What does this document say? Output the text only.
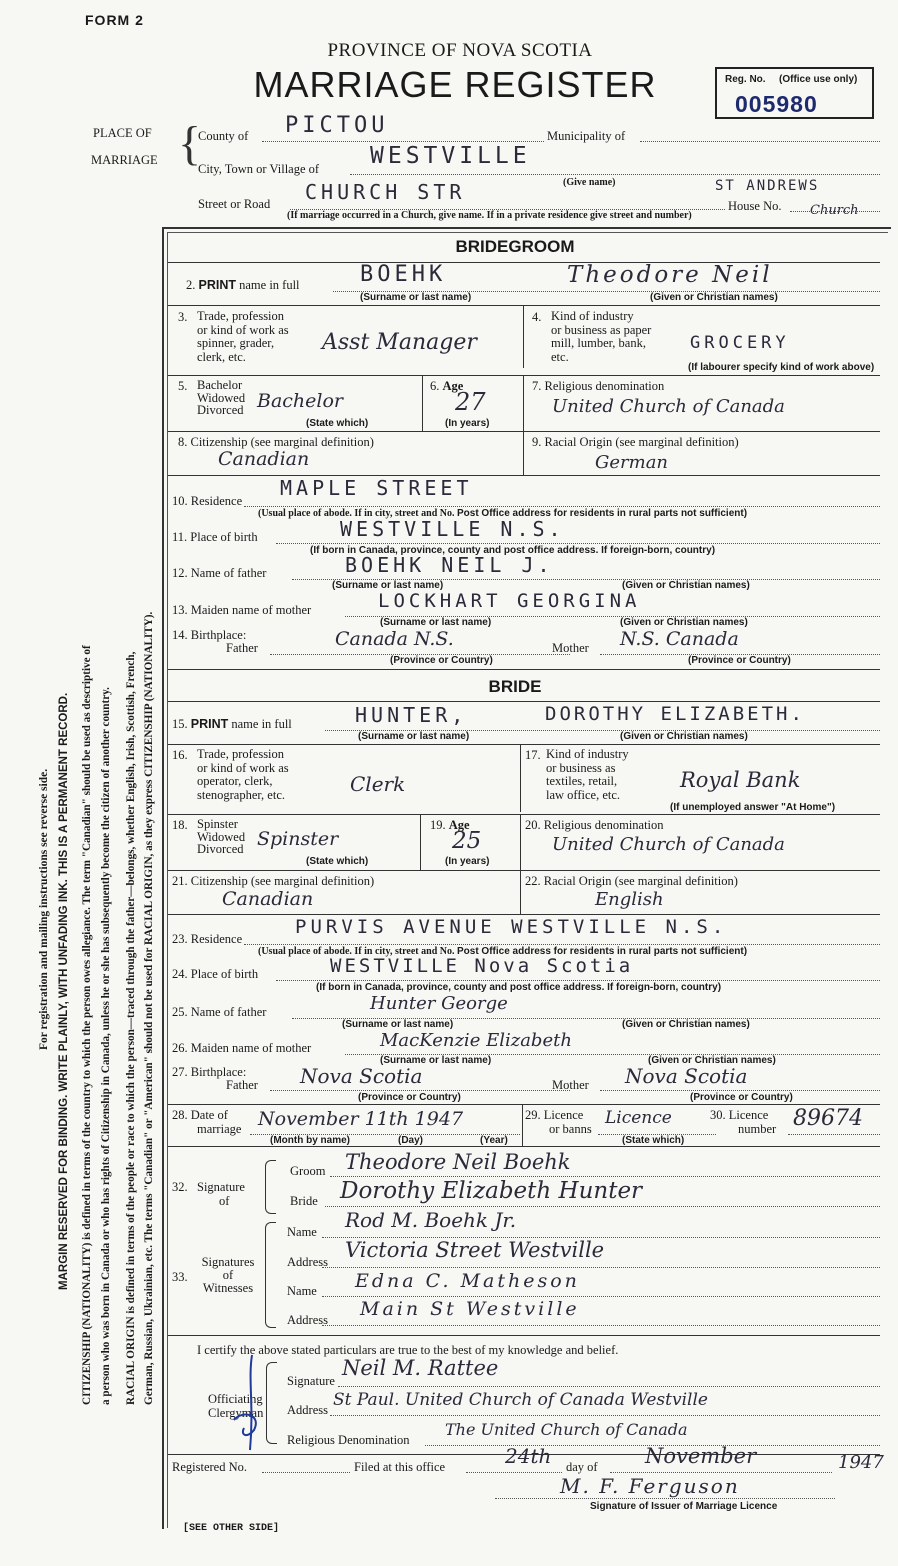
FORM 2
PROVINCE OF NOVA SCOTIA
MARRIAGE REGISTER	Reg. No. (Office use only)
005980
PLACE OF
MARRIAGE {
County of PICTOU	Municipality of
City, Town or Village of WESTVILLE
(Give name)
Street or Road CHURCH STR
House No.
ST ANDREWS
Church
(If marriage occurred in a Church, give name. If in a private residence give street and number)
For registration and mailing instructions see reverse side. MARGIN RESERVED FOR BINDING. WRITE PLAINLY, WITH UNFADING INK. THIS IS A PERMANENT RECORD. CITIZENSHIP (NATIONALITY) is defined in terms of the country to which the person owes allegiance. The term "Canadian" should be used as descriptive of a person who was born in Canada or who has rights of Citizenship in Canada, unless he or she has subsequently become the citizen of another country. RACIAL ORIGIN is defined in terms of the people or race to which the person—traced through the father—belongs, whether English, Irish, Scottish, French, German, Russian, Ukrainian, etc. The terms "Canadian" or "American" should not be used for RACIAL ORIGIN, as they express CITIZENSHIP (NATIONALITY).
BRIDEGROOM
2. PRINT name in full	BOEHK	Theodore Neil
(Surname or last name)	(Given or Christian names)
3. Trade, profession
or kind of work as
spinner, grader,
clerk, etc.
Asst Manager
4. Kind of industry
or business as paper
mill, lumber, bank,
etc.
GROCERY
(If labourer specify kind of work above)
5. Bachelor
Widowed
Divorced Bachelor
(State which)
6. Age
27
(In years)
7. Religious denomination
United Church of Canada
8. Citizenship (see marginal definition)
Canadian
9. Racial Origin (see marginal definition)
German
10. Residence
MAPLE STREET
(Usual place of abode. If in city, street and No. Post Office address for residents in rural parts not sufficient)
11. Place of birth	WESTVILLE N.S.
(If born in Canada, province, county and post office address. If foreign-born, country)
12. Name of father	BOEHK NEIL J.
(Surname or last name)	(Given or Christian names)
13. Maiden name of mother	LOCKHART GEORGINA
(Surname or last name)	(Given or Christian names)
14. Birthplace:
Father	Canada N.S.	Mother N.S. Canada
(Province or Country)	(Province or Country)
BRIDE
15. PRINT name in full	HUNTER,	DOROTHY ELIZABETH.
(Surname or last name)	(Given or Christian names)
16. Trade, profession
or kind of work as
operator, clerk,
stenographer, etc.	Clerk
17. Kind of industry
or business as
textiles, retail,
law office, etc.
Royal Bank
(If unemployed answer "At Home")
18. Spinster
Widowed
Divorced Spinster
(State which)
19. Age
25
(In years)
20. Religious denomination
United Church of Canada
21. Citizenship (see marginal definition)
Canadian
22. Racial Origin (see marginal definition)
English
23. Residence
PURVIS AVENUE WESTVILLE N.S.
(Usual place of abode. If in city, street and No. Post Office address for residents in rural parts not sufficient)
24. Place of birth	WESTVILLE Nova Scotia
(If born in Canada, province, county and post office address. If foreign-born, country)
25. Name of father	Hunter George
(Surname or last name)	(Given or Christian names)
26. Maiden name of mother	MacKenzie Elizabeth
(Surname or last name)	(Given or Christian names)
27. Birthplace:
Father Nova Scotia	Mother Nova Scotia
(Province or Country)	(Province or Country)
28. Date of
marriage November 11th 1947
(Month by name)	(Day)	(Year)
29. Licence
or banns
Licence
(State which)
30. Licence
number 89674
32. Signature
of
Groom Theodore Neil Boehk
Bride Dorothy Elizabeth Hunter
33.
Signatures
of
Witnesses
Name Rod M. Boehk Jr.
Address Victoria Street Westville
Name Edna C. Matheson
Address Main St Westville
I certify the above stated particulars are true to the best of my knowledge and belief.
Officiating
Clergyman
Signature
Neil M. Rattee
Address St Paul. United Church of Canada Westville
Religious Denomination
The United Church of Canada
Registered No.	Filed at this office	24th day of November	1947
M. F. Ferguson
Signature of Issuer of Marriage Licence
[SEE OTHER SIDE]
